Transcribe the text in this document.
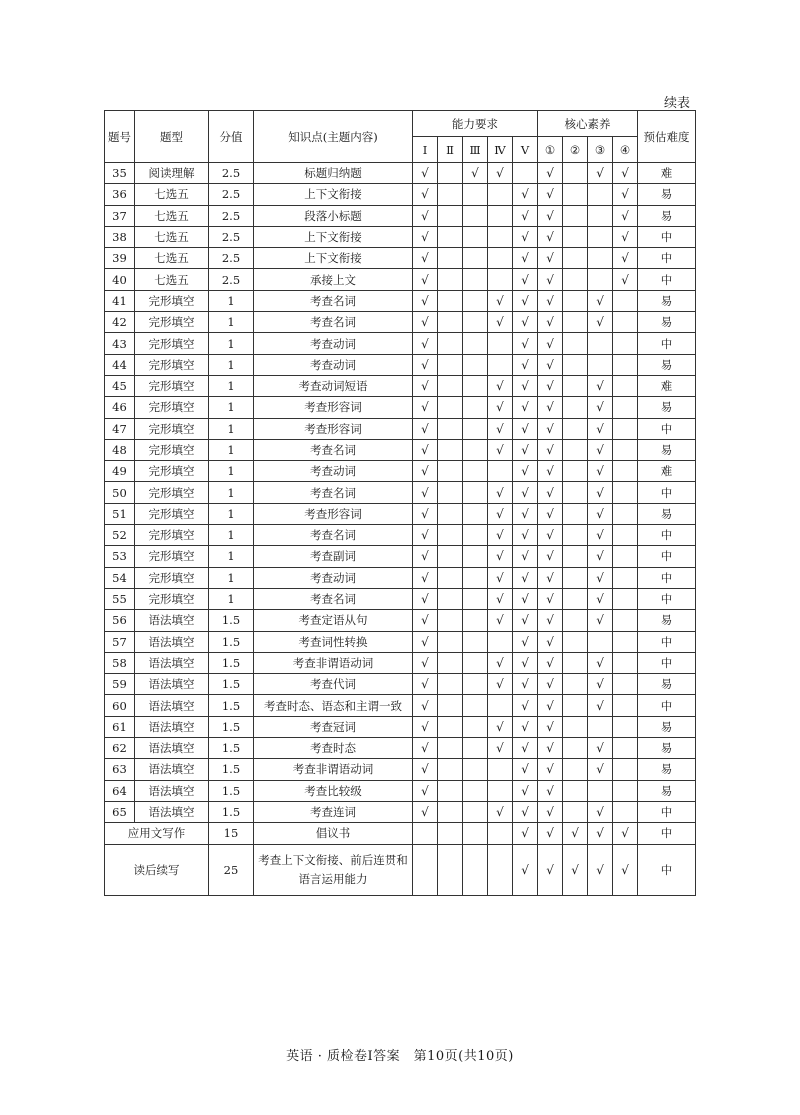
续表
题号	题型	分值	知识点(主题内容)	能力要求					核心素养				预估难度
				Ⅰ	Ⅱ	Ⅲ	Ⅳ	Ⅴ	①	②	③	④	
35	阅读理解	2.5	标题归纳题	√		√	√		√		√	√	难
36	七选五	2.5	上下文衔接	√				√	√			√	易
37	七选五	2.5	段落小标题	√				√	√			√	易
38	七选五	2.5	上下文衔接	√				√	√			√	中
39	七选五	2.5	上下文衔接	√				√	√			√	中
40	七选五	2.5	承接上文	√				√	√			√	中
41	完形填空	1	考查名词	√			√	√	√		√		易
42	完形填空	1	考查名词	√			√	√	√		√		易
43	完形填空	1	考查动词	√				√	√				中
44	完形填空	1	考查动词	√				√	√				易
45	完形填空	1	考查动词短语	√			√	√	√		√		难
46	完形填空	1	考查形容词	√			√	√	√		√		易
47	完形填空	1	考查形容词	√			√	√	√		√		中
48	完形填空	1	考查名词	√			√	√	√		√		易
49	完形填空	1	考查动词	√				√	√		√		难
50	完形填空	1	考查名词	√			√	√	√		√		中
51	完形填空	1	考查形容词	√			√	√	√		√		易
52	完形填空	1	考查名词	√			√	√	√		√		中
53	完形填空	1	考查副词	√			√	√	√		√		中
54	完形填空	1	考查动词	√			√	√	√		√		中
55	完形填空	1	考查名词	√			√	√	√		√		中
56	语法填空	1.5	考查定语从句	√			√	√	√		√		易
57	语法填空	1.5	考查词性转换	√				√	√				中
58	语法填空	1.5	考查非谓语动词	√			√	√	√		√		中
59	语法填空	1.5	考查代词	√			√	√	√		√		易
60	语法填空	1.5	考查时态、语态和主谓一致	√				√	√		√		中
61	语法填空	1.5	考查冠词	√			√	√	√				易
62	语法填空	1.5	考查时态	√			√	√	√		√		易
63	语法填空	1.5	考查非谓语动词	√				√	√		√		易
64	语法填空	1.5	考查比较级	√				√	√				易
65	语法填空	1.5	考查连词	√			√	√	√		√		中
应用文写作		15	倡议书					√	√	√	√	√	中
读后续写		25	考查上下文衔接、前后连贯和语言运用能力					√	√	√	√	√	中
英语 · 质检卷Ⅰ答案　第10页(共10页)
